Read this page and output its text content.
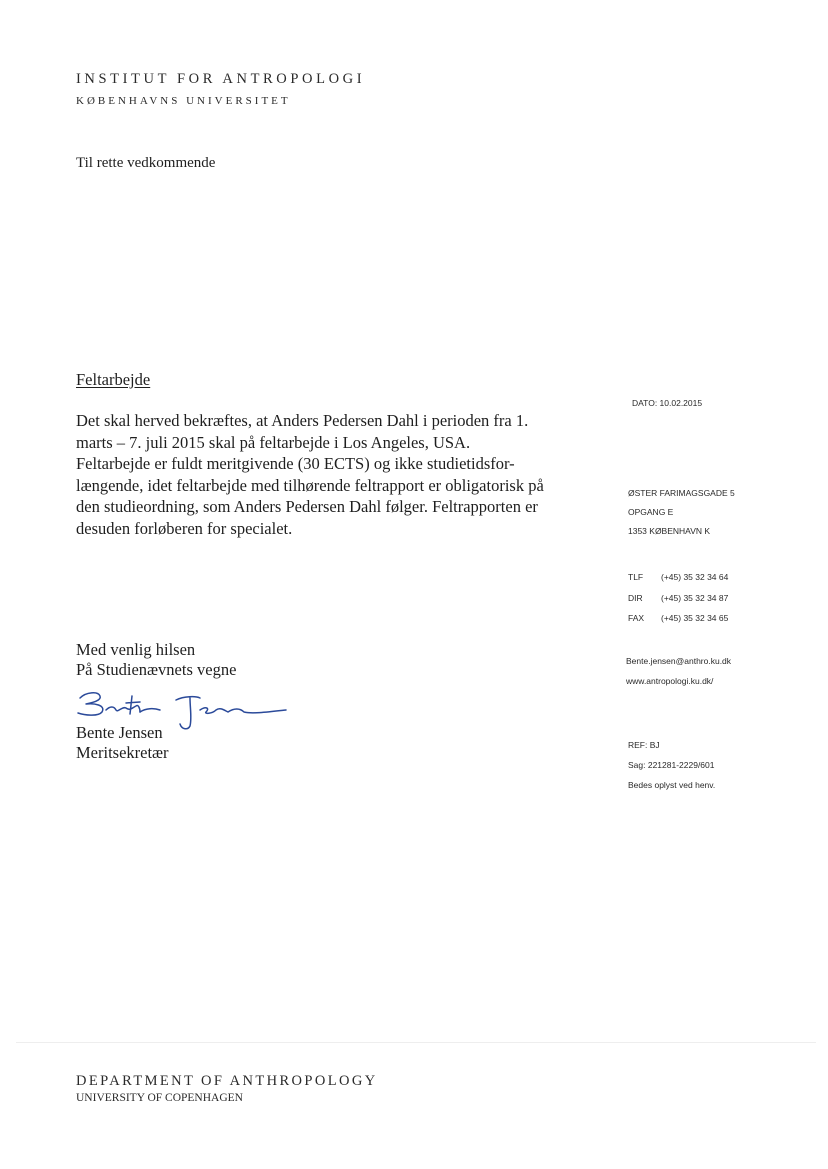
INSTITUT FOR ANTROPOLOGI
KØBENHAVNS UNIVERSITET
Til rette vedkommende
Feltarbejde
Det skal herved bekræftes, at Anders Pedersen Dahl i perioden fra 1.
marts – 7. juli 2015 skal på feltarbejde i Los Angeles, USA.
Feltarbejde er fuldt meritgivende (30 ECTS) og ikke studietidsfor-
længende, idet feltarbejde med tilhørende feltrapport er obligatorisk på
den studieordning, som Anders Pedersen Dahl følger. Feltrapporten er
desuden forløberen for specialet.
Med venlig hilsen
På Studienævnets vegne
Bente Jensen
Meritsekretær
DATO: 10.02.2015
ØSTER FARIMAGSGADE 5
OPGANG E
1353 KØBENHAVN K
TLF (+45) 35 32 34 64
DIR (+45) 35 32 34 87
FAX (+45) 35 32 34 65
Bente.jensen@anthro.ku.dk
www.antropologi.ku.dk/
REF: BJ
Sag: 221281-2229/601
Bedes oplyst ved henv.
DEPARTMENT OF ANTHROPOLOGY
UNIVERSITY OF COPENHAGEN
